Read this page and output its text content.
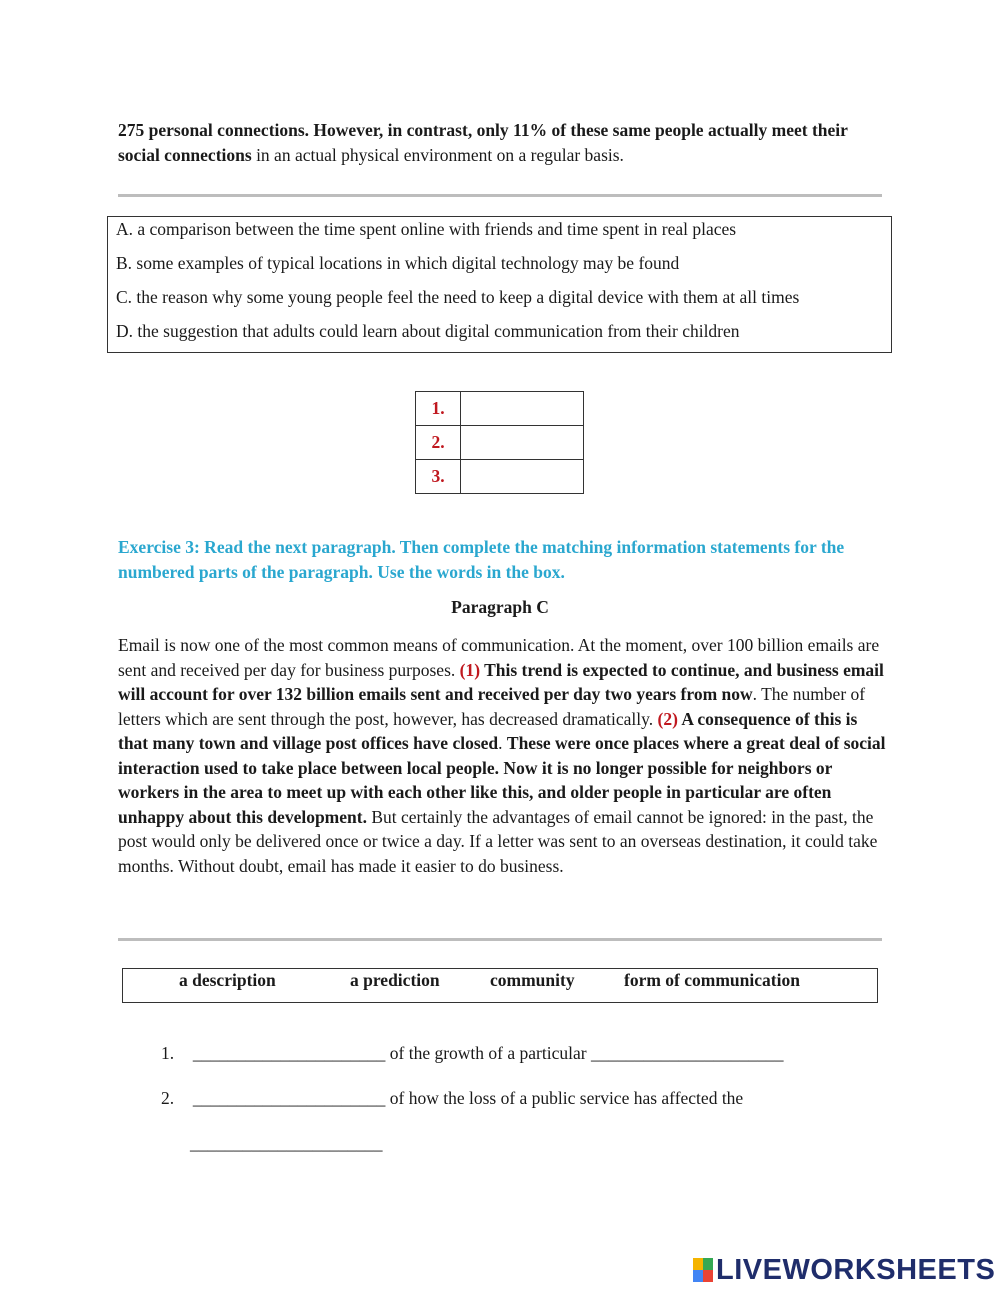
275 personal connections. However, in contrast, only 11% of these same people actually meet their social connections in an actual physical environment on a regular basis.
A. a comparison between the time spent online with friends and time spent in real places
B. some examples of typical locations in which digital technology may be found
C. the reason why some young people feel the need to keep a digital device with them at all times
D. the suggestion that adults could learn about digital communication from their children
1.	
2.	
3.	
Exercise 3: Read the next paragraph. Then complete the matching information statements for the numbered parts of the paragraph. Use the words in the box.
Paragraph C
Email is now one of the most common means of communication. At the moment, over 100 billion emails are sent and received per day for business purposes. (1) This trend is expected to continue, and business email will account for over 132 billion emails sent and received per day two years from now. The number of letters which are sent through the post, however, has decreased dramatically. (2) A consequence of this is that many town and village post offices have closed. These were once places where a great deal of social interaction used to take place between local people. Now it is no longer possible for neighbors or workers in the area to meet up with each other like this, and older people in particular are often unhappy about this development. But certainly the advantages of email cannot be ignored: in the past, the post would only be delivered once or twice a day. If a letter was sent to an overseas destination, it could take months. Without doubt, email has made it easier to do business.
a description	a prediction	community	form of communication
1. ______________________ of the growth of a particular ______________________
2. ______________________ of how the loss of a public service has affected the
______________________
LIVEWORKSHEETS
